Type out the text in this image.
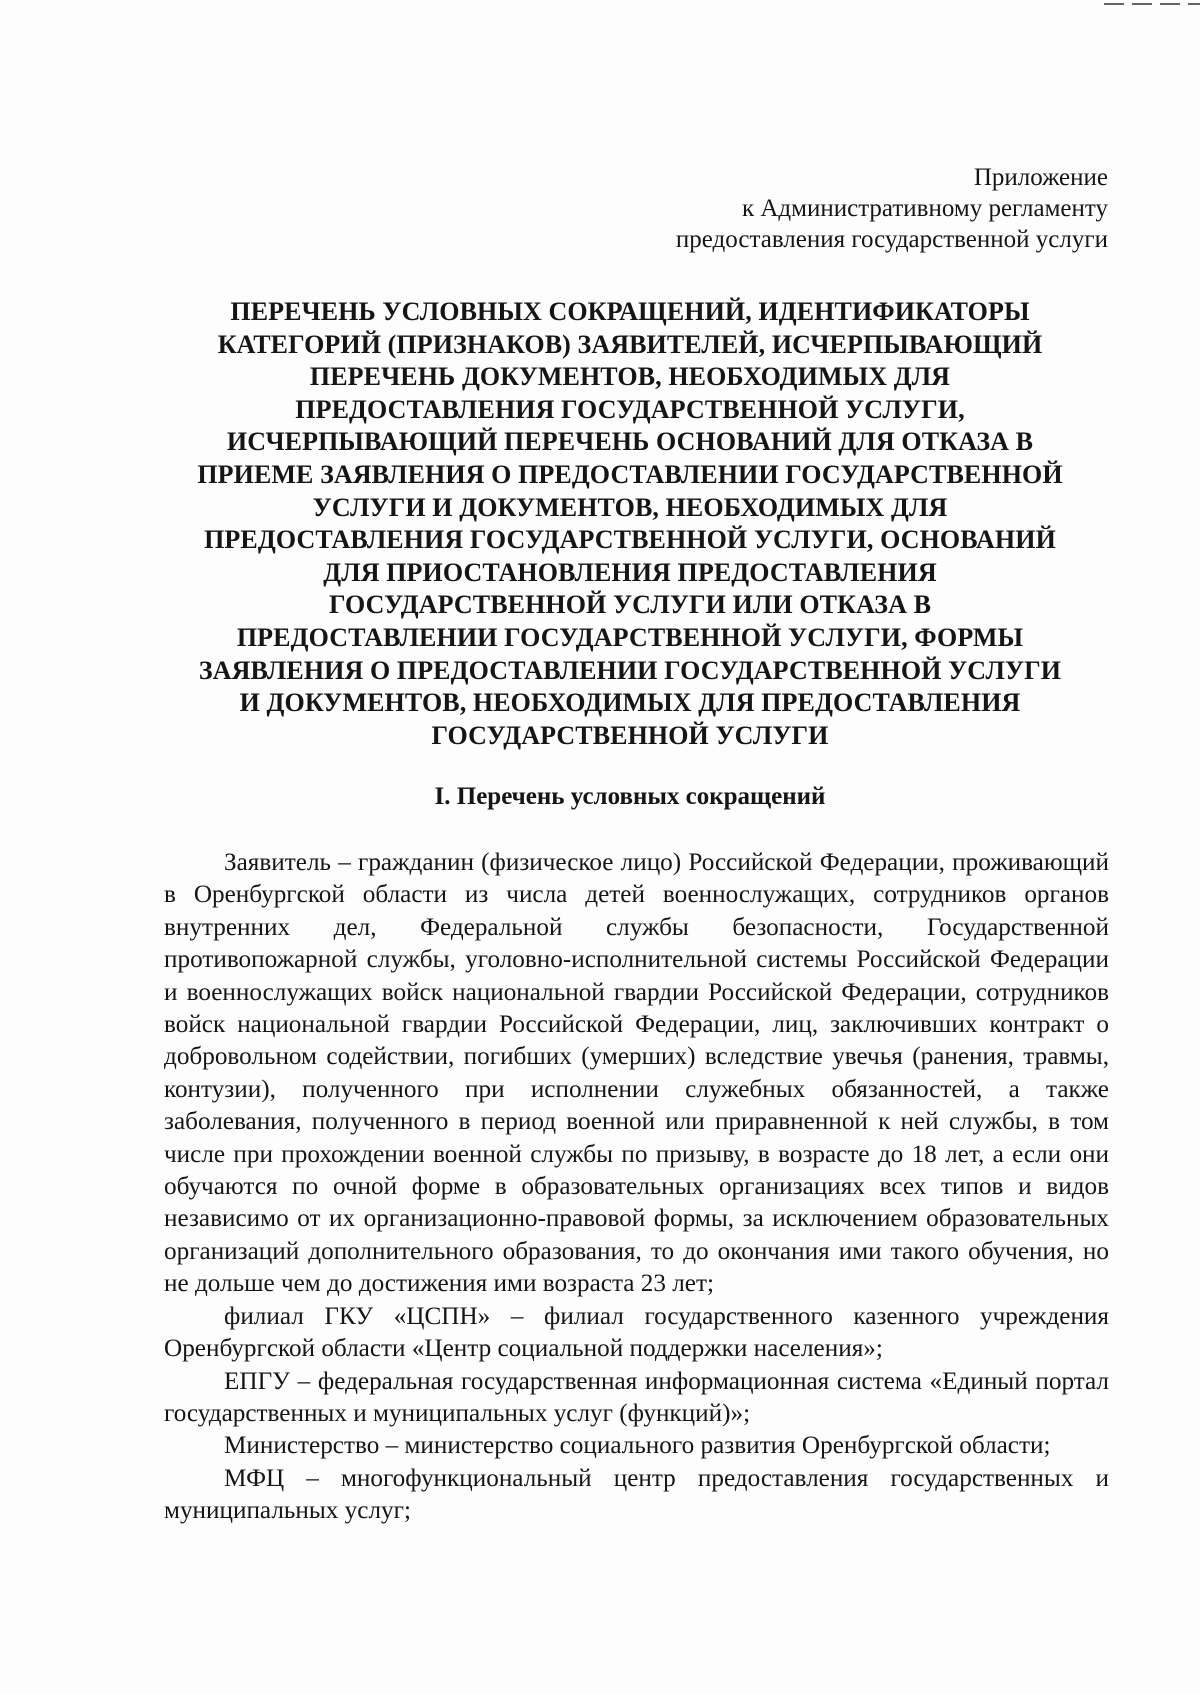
Приложение
к Административному регламенту
предоставления государственной услуги
ПЕРЕЧЕНЬ УСЛОВНЫХ СОКРАЩЕНИЙ, ИДЕНТИФИКАТОРЫ
КАТЕГОРИЙ (ПРИЗНАКОВ) ЗАЯВИТЕЛЕЙ, ИСЧЕРПЫВАЮЩИЙ
ПЕРЕЧЕНЬ ДОКУМЕНТОВ, НЕОБХОДИМЫХ ДЛЯ
ПРЕДОСТАВЛЕНИЯ ГОСУДАРСТВЕННОЙ УСЛУГИ,
ИСЧЕРПЫВАЮЩИЙ ПЕРЕЧЕНЬ ОСНОВАНИЙ ДЛЯ ОТКАЗА В
ПРИЕМЕ ЗАЯВЛЕНИЯ О ПРЕДОСТАВЛЕНИИ ГОСУДАРСТВЕННОЙ
УСЛУГИ И ДОКУМЕНТОВ, НЕОБХОДИМЫХ ДЛЯ
ПРЕДОСТАВЛЕНИЯ ГОСУДАРСТВЕННОЙ УСЛУГИ, ОСНОВАНИЙ
ДЛЯ ПРИОСТАНОВЛЕНИЯ ПРЕДОСТАВЛЕНИЯ
ГОСУДАРСТВЕННОЙ УСЛУГИ ИЛИ ОТКАЗА В
ПРЕДОСТАВЛЕНИИ ГОСУДАРСТВЕННОЙ УСЛУГИ, ФОРМЫ
ЗАЯВЛЕНИЯ О ПРЕДОСТАВЛЕНИИ ГОСУДАРСТВЕННОЙ УСЛУГИ
И ДОКУМЕНТОВ, НЕОБХОДИМЫХ ДЛЯ ПРЕДОСТАВЛЕНИЯ
ГОСУДАРСТВЕННОЙ УСЛУГИ
I. Перечень условных сокращений

Заявитель – гражданин (физическое лицо) Российской Федерации, проживающий в Оренбургской области из числа детей военнослужащих, сотрудников органов внутренних дел, Федеральной службы безопасности, Государственной противопожарной службы, уголовно-исполнительной системы Российской Федерации и военнослужащих войск национальной гвардии Российской Федерации, сотрудников войск национальной гвардии Российской Федерации, лиц, заключивших контракт о добровольном содействии, погибших (умерших) вследствие увечья (ранения, травмы, контузии), полученного при исполнении служебных обязанностей, а также заболевания, полученного в период военной или приравненной к ней службы, в том числе при прохождении военной службы по призыву, в возрасте до 18 лет, а если они обучаются по очной форме в образовательных организациях всех типов и видов независимо от их организационно-правовой формы, за исключением образовательных организаций дополнительного образования, то до окончания ими такого обучения, но не дольше чем до достижения ими возраста 23 лет;

филиал ГКУ «ЦСПН» – филиал государственного казенного учреждения Оренбургской области «Центр социальной поддержки населения»;

ЕПГУ – федеральная государственная информационная система «Единый портал государственных и муниципальных услуг (функций)»;

Министерство – министерство социального развития Оренбургской области;

МФЦ – многофункциональный центр предоставления государственных и муниципальных услуг;
